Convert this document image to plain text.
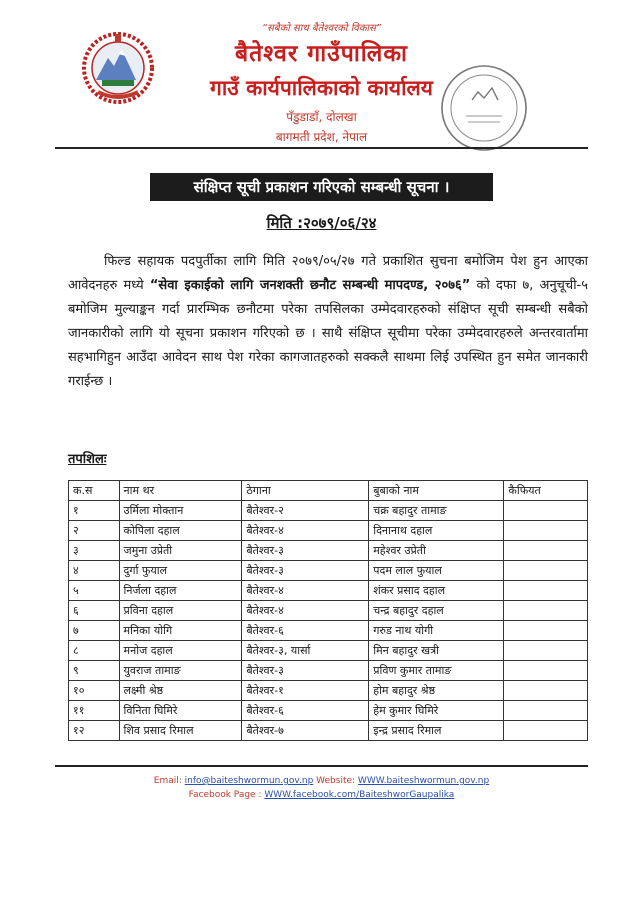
“सबैको साथ बैतेश्वरको विकास”
बैतेश्वर गाउँपालिका
गाउँ कार्यपालिकाको कार्यालय
पँडुडाडाँ, दोलखा
बागमती प्रदेश, नेपाल
संक्षिप्त सूची प्रकाशन गरिएको सम्बन्धी सूचना ।
मिति :२०७९/०६/२४
फिल्ड सहायक पदपुर्तीका लागि मिति २०७९/०५/२७ गते प्रकाशित सुचना बमोजिम पेश हुन आएका आवेदनहरु मध्ये “सेवा इकाईको लागि जनशक्ती छनौट सम्बन्धी मापदण्ड, २०७६” को दफा ७, अनुचूची-५ बमोजिम मुल्याङ्कन गर्दा प्रारम्भिक छनौटमा परेका तपसिलका उम्मेदवारहरुको संक्षिप्त सूची सम्बन्धी सबैको जानकारीको लागि यो सूचना प्रकाशन गरिएको छ । साथै संक्षिप्त सूचीमा परेका उम्मेदवारहरुले अन्तरवार्तामा सहभागिहुन आउँदा आवेदन साथ पेश गरेका कागजातहरुको सक्कलै साथमा लिई उपस्थित हुन समेत जानकारी गराईन्छ ।
तपशिलः
क.स	नाम थर	ठेगाना	बुबाको नाम	कैफियत
१	उर्मिला मोक्तान	बैतेश्वर-२	चक्र बहादुर तामाङ	
२	कोपिला दहाल	बैतेश्वर-४	दिनानाथ दहाल	
३	जमुना उप्रेती	बैतेश्वर-३	महेश्वर उप्रेती	
४	दुर्गा फुयाल	बैतेश्वर-३	पदम लाल फुयाल	
५	निर्जला दहाल	बैतेश्वर-४	शंकर प्रसाद दहाल	
६	प्रविना दहाल	बैतेश्वर-४	चन्द्र बहादुर दहाल	
७	मनिका योगि	बैतेश्वर-६	गरुड नाथ योगी	
८	मनोज दहाल	बैतेश्वर-३, यार्सा	मिन बहादुर खत्री	
९	युवराज तामाङ	बैतेश्वर-३	प्रविण कुमार तामाङ	
१०	लक्ष्मी श्रेष्ठ	बैतेश्वर-१	होम बहादुर श्रेष्ठ	
११	विनिता घिमिरे	बैतेश्वर-६	हेम कुमार घिमिरे	
१२	शिव प्रसाद रिमाल	बैतेश्वर-७	इन्द्र प्रसाद रिमाल	
Email: info@baiteshwormun.gov.np Website: WWW.baiteshwormun.gov.np
Facebook Page : WWW.facebook.com/BaiteshworGaupalika
